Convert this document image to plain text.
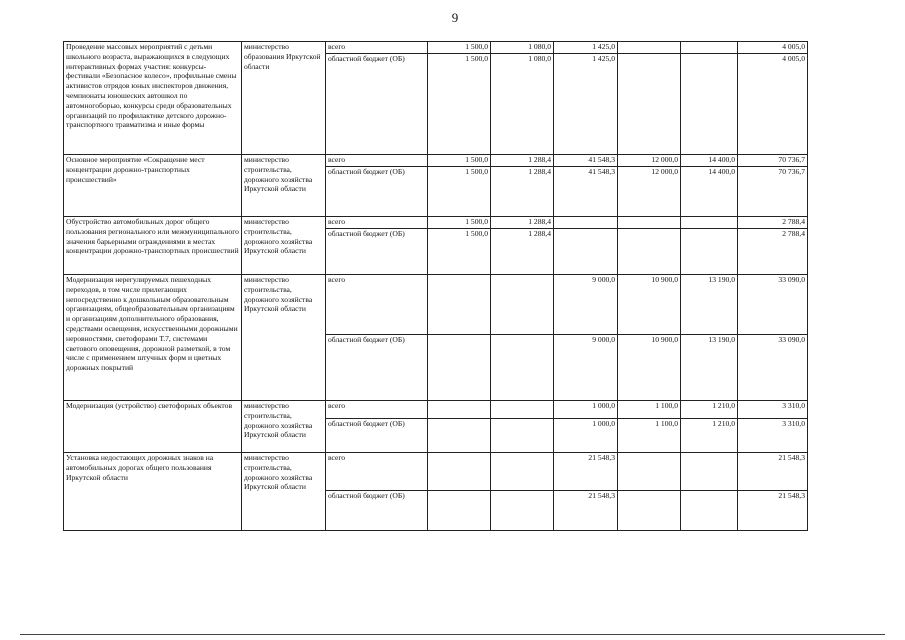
9
Проведение массовых мероприятий с детьми школьного возраста, выражающихся в следующих интерактивных формах участия: конкурсы-фестивали «Безопасное колесо», профильные смены активистов отрядов юных инспекторов движения, чемпионаты юношеских автошкол по автомногоборью, конкурсы среди образовательных организаций по профилактике детского дорожно-транспортного травматизма и иные формы	министерство образования Иркутской области	всего	1 500,0	1 080,0	1 425,0			4 005,0
		областной бюджет (ОБ)	1 500,0	1 080,0	1 425,0			4 005,0
Основное мероприятие «Сокращение мест концентрации дорожно-транспортных происшествий»	министерство строительства, дорожного хозяйства Иркутской области	всего	1 500,0	1 288,4	41 548,3	12 000,0	14 400,0	70 736,7
		областной бюджет (ОБ)	1 500,0	1 288,4	41 548,3	12 000,0	14 400,0	70 736,7
Обустройство автомобильных дорог общего пользования регионального или межмуниципального значения барьерными ограждениями в местах концентрации дорожно-транспортных происшествий	министерство строительства, дорожного хозяйства Иркутской области	всего	1 500,0	1 288,4				2 788,4
		областной бюджет (ОБ)	1 500,0	1 288,4				2 788,4
Модернизация нерегулируемых пешеходных переходов, в том числе прилегающих непосредственно к дошкольным образовательным организациям, общеобразовательным организациям и организациям дополнительного образования, средствами освещения, искусственными дорожными неровностями, светофорами Т.7, системами светового оповещения, дорожной разметкой, в том числе с применением штучных форм и цветных дорожных покрытий	министерство строительства, дорожного хозяйства Иркутской области	всего			9 000,0	10 900,0	13 190,0	33 090,0
		областной бюджет (ОБ)			9 000,0	10 900,0	13 190,0	33 090,0
Модернизация (устройство) светофорных объектов	министерство строительства, дорожного хозяйства Иркутской области	всего			1 000,0	1 100,0	1 210,0	3 310,0
		областной бюджет (ОБ)			1 000,0	1 100,0	1 210,0	3 310,0
Установка недостающих дорожных знаков на автомобильных дорогах общего пользования Иркутской области	министерство строительства, дорожного хозяйства Иркутской области	всего			21 548,3			21 548,3
		областной бюджет (ОБ)			21 548,3			21 548,3
